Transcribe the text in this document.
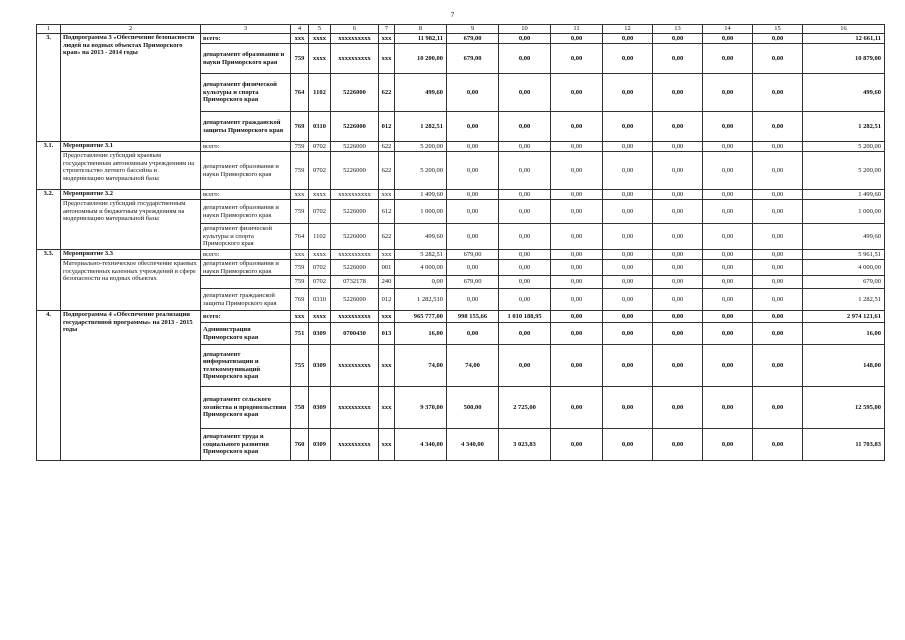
7
1	2	3	4	5	6	7	8	9	10	11	12	13	14	15	16
3.	Подпрограмма 3 «Обеспечение безопасности людей на водных объектах Приморского края» на 2013 - 2014 годы	всего:	xxx	xxxx	xxxxxxxxxx	xxx	11 982,11	679,00	0,00	0,00	0,00	0,00	0,00	0,00	12 661,11
		департамент образования и науки Приморского края	759	xxxx	xxxxxxxxxx	xxx	10 200,00	679,00	0,00	0,00	0,00	0,00	0,00	0,00	10 879,00
		департамент физической культуры и спорта Приморского края	764	1102	5226000	622	499,60	0,00	0,00	0,00	0,00	0,00	0,00	0,00	499,60
		департамент гражданской защиты Приморского края	769	0310	5226000	012	1 282,51	0,00	0,00	0,00	0,00	0,00	0,00	0,00	1 282,51
3.1.	Мероприятие 3.1	всего:	759	0702	5226000	622	5 200,00	0,00	0,00	0,00	0,00	0,00	0,00	0,00	5 200,00
	Предоставление субсидий краевым государственным автономным учреждениям на строительство летнего бассейна и модернизацию материальной базы	департамент образования и науки Приморского края	759	0702	5226000	622	5 200,00	0,00	0,00	0,00	0,00	0,00	0,00	0,00	5 200,00
3.2.	Мероприятие 3.2	всего:	xxx	xxxx	xxxxxxxxxx	xxx	1 499,60	0,00	0,00	0,00	0,00	0,00	0,00	0,00	1 499,60
	Предоставление субсидий государственным автономным и бюджетным учреждениям на модернизацию материальной базы	департамент образования и науки Приморского края	759	0702	5226000	612	1 000,00	0,00	0,00	0,00	0,00	0,00	0,00	0,00	1 000,00
		департамент физической культуры и спорта Приморского края	764	1102	5226000	622	499,60	0,00	0,00	0,00	0,00	0,00	0,00	0,00	499,60
3.3.	Мероприятие 3.3	всего:	xxx	xxxx	xxxxxxxxxx	xxx	5 282,51	679,00	0,00	0,00	0,00	0,00	0,00	0,00	5 961,51
	Материально-техническое обеспечение краевых государственных казенных учреждений в сфере безопасности на водных объектах	департамент образования и науки Приморского края	759	0702	5226000	001	4 000,00	0,00	0,00	0,00	0,00	0,00	0,00	0,00	4 000,00
			759	0702	0732178	240	0,00	679,00	0,00	0,00	0,00	0,00	0,00	0,00	679,00
		департамент гражданской защиты Приморского края	769	0310	5226000	012	1 282,510	0,00	0,00	0,00	0,00	0,00	0,00	0,00	1 282,51
4.	Подпрограмма 4 «Обеспечение реализации государственной программы» на 2013 - 2015 годы	всего:	xxx	xxxx	xxxxxxxxxx	xxx	965 777,00	998 155,66	1 010 188,95	0,00	0,00	0,00	0,00	0,00	2 974 121,61
		Администрация Приморского края	751	0309	0700430	013	16,00	0,00	0,00	0,00	0,00	0,00	0,00	0,00	16,00
		департамент информатизации и телекоммуникаций Приморского края	755	0309	xxxxxxxxxx	xxx	74,00	74,00	0,00	0,00	0,00	0,00	0,00	0,00	148,00
		департамент сельского хозяйства и продовольствия Приморского края	758	0309	xxxxxxxxxx	xxx	9 370,00	500,00	2 725,00	0,00	0,00	0,00	0,00	0,00	12 595,00
		департамент труда и социального развития Приморского края	760	0309	xxxxxxxxxx	xxx	4 340,00	4 340,00	3 023,83	0,00	0,00	0,00	0,00	0,00	11 703,83
